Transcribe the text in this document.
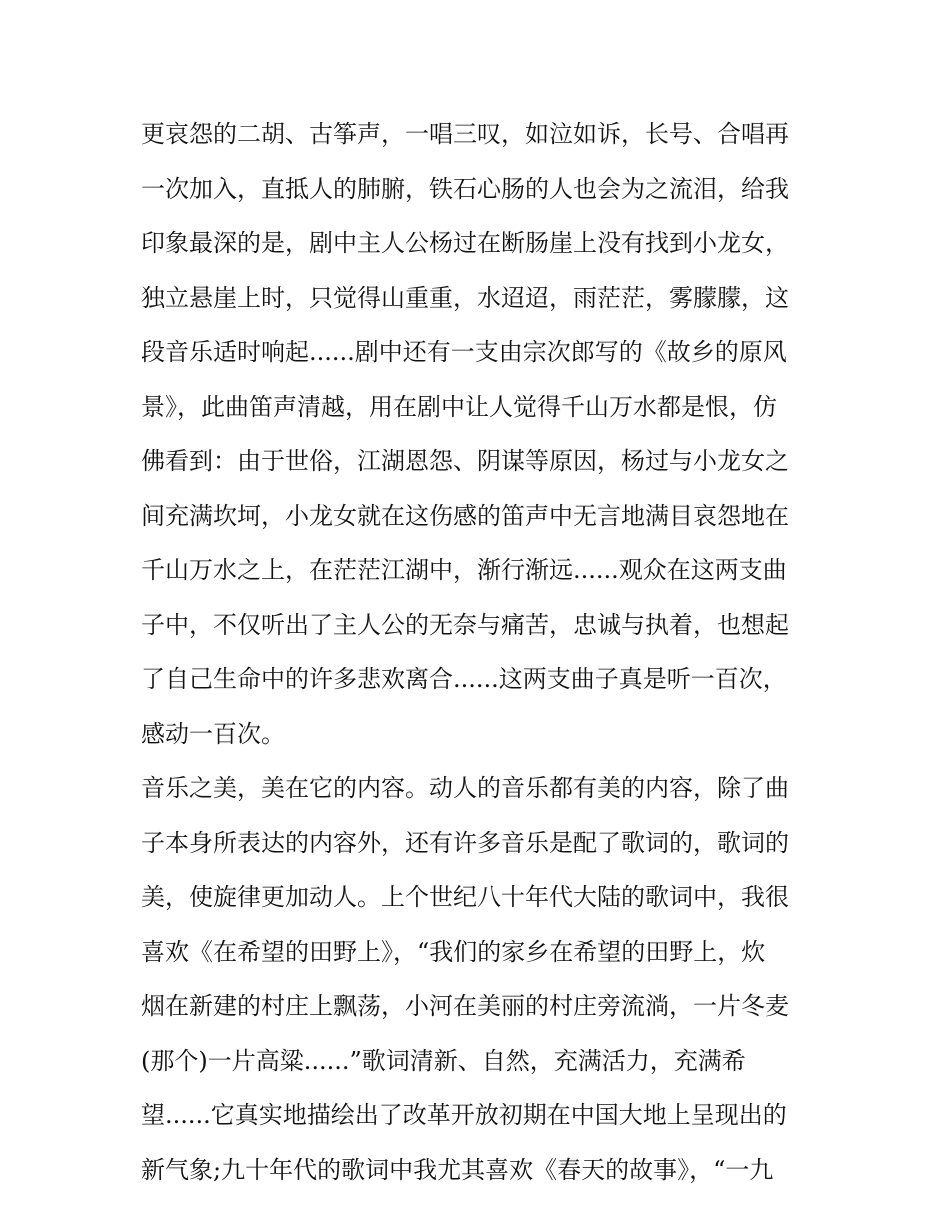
更哀怨的二胡、古筝声，一唱三叹，如泣如诉，长号、合唱再
一次加入，直抵人的肺腑，铁石心肠的人也会为之流泪，给我
印象最深的是，剧中主人公杨过在断肠崖上没有找到小龙女，
独立悬崖上时，只觉得山重重，水迢迢，雨茫茫，雾朦朦，这
段音乐适时响起......剧中还有一支由宗次郎写的《故乡的原风
景》，此曲笛声清越，用在剧中让人觉得千山万水都是恨，仿
佛看到：由于世俗，江湖恩怨、阴谋等原因，杨过与小龙女之
间充满坎坷，小龙女就在这伤感的笛声中无言地满目哀怨地在
千山万水之上，在茫茫江湖中，渐行渐远......观众在这两支曲
子中，不仅听出了主人公的无奈与痛苦，忠诚与执着，也想起
了自己生命中的许多悲欢离合......这两支曲子真是听一百次，
感动一百次。
音乐之美，美在它的内容。动人的音乐都有美的内容，除了曲
子本身所表达的内容外，还有许多音乐是配了歌词的，歌词的
美，使旋律更加动人。上个世纪八十年代大陆的歌词中，我很
喜欢《在希望的田野上》，“我们的家乡在希望的田野上，炊
烟在新建的村庄上飘荡，小河在美丽的村庄旁流淌，一片冬麦
(那个)一片高粱......”歌词清新、自然，充满活力，充满希
望......它真实地描绘出了改革开放初期在中国大地上呈现出的
新气象;九十年代的歌词中我尤其喜欢《春天的故事》，“一九
